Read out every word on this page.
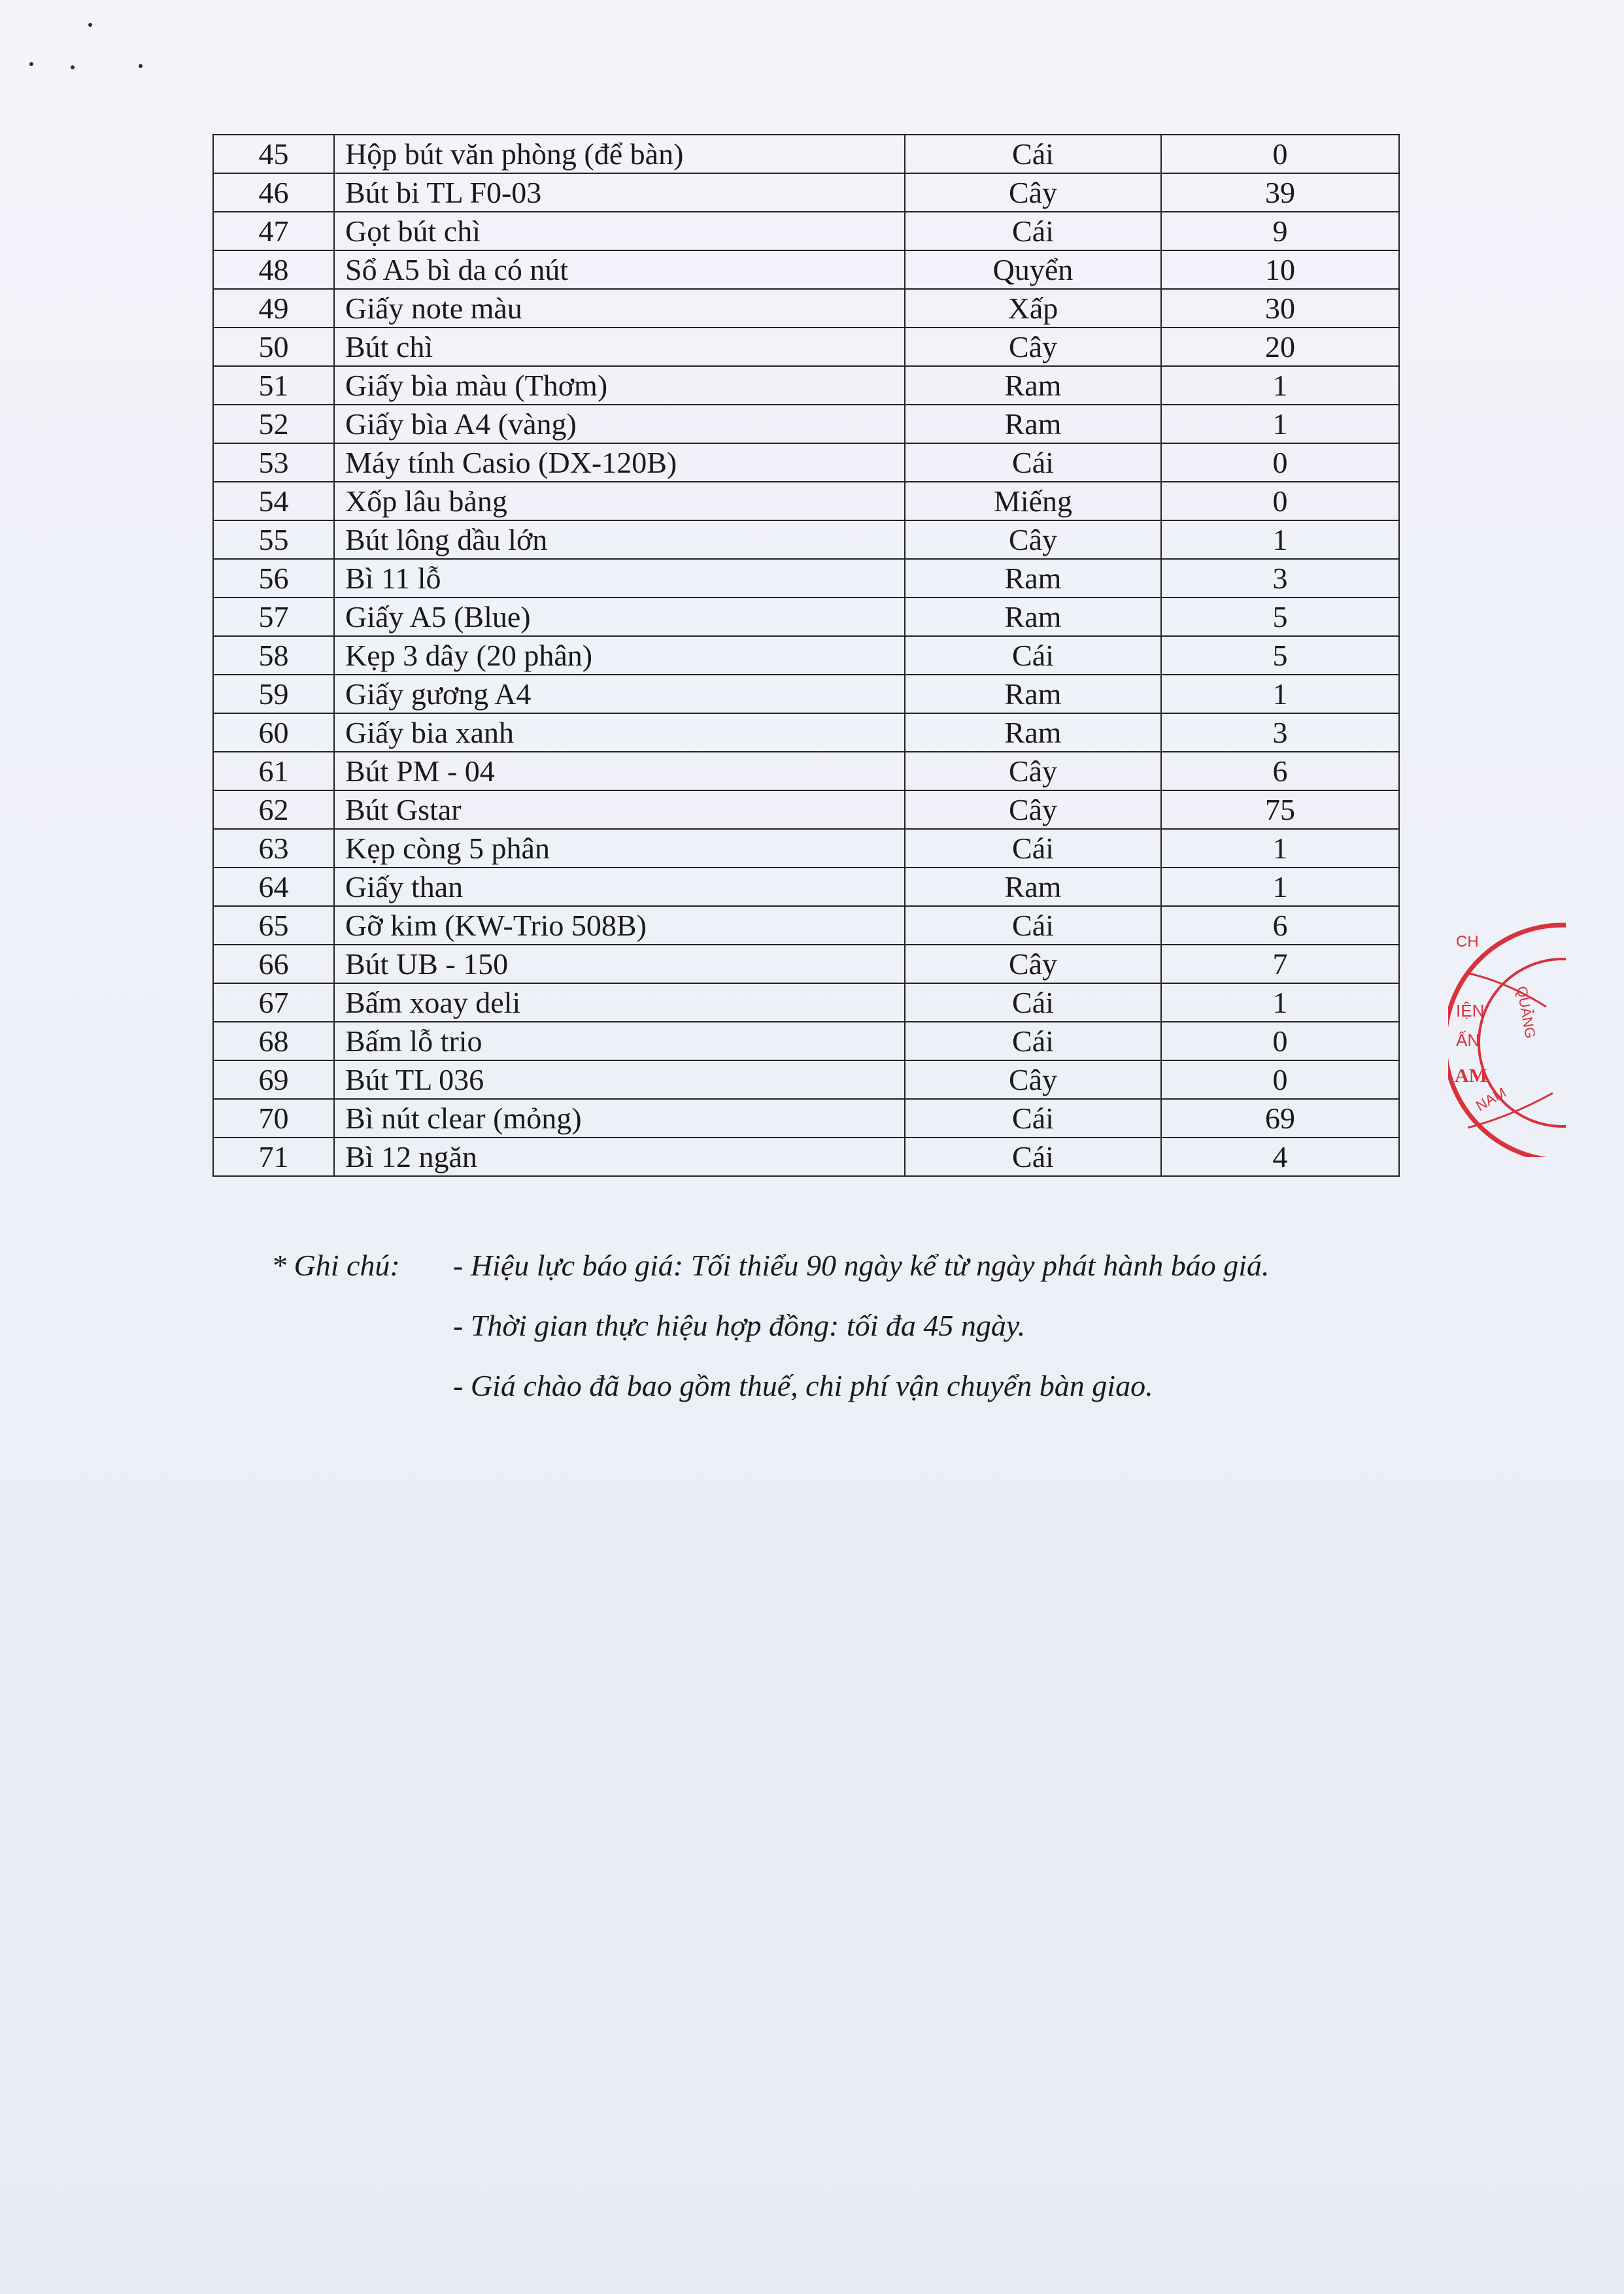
45	Hộp bút văn phòng (để bàn)	Cái	0
46	Bút bi TL F0-03	Cây	39
47	Gọt bút chì	Cái	9
48	Sổ A5 bì da có nút	Quyển	10
49	Giấy note màu	Xấp	30
50	Bút chì	Cây	20
51	Giấy bìa màu (Thơm)	Ram	1
52	Giấy bìa A4 (vàng)	Ram	1
53	Máy tính Casio (DX-120B)	Cái	0
54	Xốp lâu bảng	Miếng	0
55	Bút lông dầu lớn	Cây	1
56	Bì 11 lỗ	Ram	3
57	Giấy A5 (Blue)	Ram	5
58	Kẹp 3 dây (20 phân)	Cái	5
59	Giấy gương A4	Ram	1
60	Giấy bia xanh	Ram	3
61	Bút PM - 04	Cây	6
62	Bút Gstar	Cây	75
63	Kẹp còng 5 phân	Cái	1
64	Giấy than	Ram	1
65	Gỡ kim (KW-Trio 508B)	Cái	6
66	Bút UB - 150	Cây	7
67	Bấm xoay deli	Cái	1
68	Bấm lỗ trio	Cái	0
69	Bút TL 036	Cây	0
70	Bì nút clear (mỏng)	Cái	69
71	Bì 12 ngăn	Cái	4
* Ghi chú: - Hiệu lực báo giá: Tối thiểu 90 ngày kể từ ngày phát hành báo giá.
- Thời gian thực hiệu hợp đồng: tối đa 45 ngày.
- Giá chào đã bao gồm thuế, chi phí vận chuyển bàn giao.
CH
IỆN
ẤN
AM
QUẢNG
NAM
